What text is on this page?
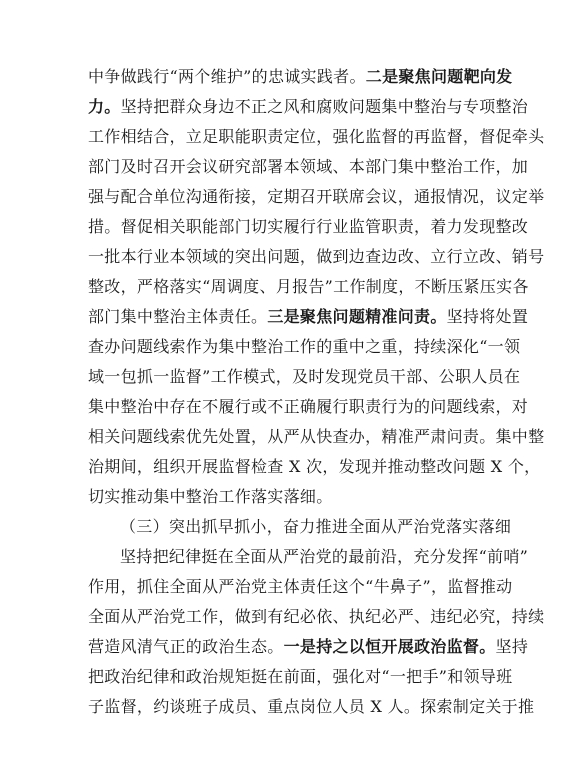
中争做践行“两个维护”的忠诚实践者。二是聚焦问题靶向发
力。坚持把群众身边不正之风和腐败问题集中整治与专项整治
工作相结合，立足职能职责定位，强化监督的再监督，督促牵头
部门及时召开会议研究部署本领域、本部门集中整治工作，加
强与配合单位沟通衔接，定期召开联席会议，通报情况，议定举
措。督促相关职能部门切实履行行业监管职责，着力发现整改
一批本行业本领域的突出问题，做到边查边改、立行立改、销号
整改，严格落实“周调度、月报告”工作制度，不断压紧压实各
部门集中整治主体责任。三是聚焦问题精准问责。坚持将处置
查办问题线索作为集中整治工作的重中之重，持续深化“一领
域一包抓一监督”工作模式，及时发现党员干部、公职人员在
集中整治中存在不履行或不正确履行职责行为的问题线索，对
相关问题线索优先处置，从严从快查办，精准严肃问责。集中整
治期间，组织开展监督检查 X 次，发现并推动整改问题 X 个，
切实推动集中整治工作落实落细。
（三）突出抓早抓小，奋力推进全面从严治党落实落细
坚持把纪律挺在全面从严治党的最前沿，充分发挥“前哨”
作用，抓住全面从严治党主体责任这个“牛鼻子”，监督推动
全面从严治党工作，做到有纪必依、执纪必严、违纪必究，持续
营造风清气正的政治生态。一是持之以恒开展政治监督。坚持
把政治纪律和政治规矩挺在前面，强化对“一把手”和领导班
子监督，约谈班子成员、重点岗位人员 X 人。探索制定关于推
